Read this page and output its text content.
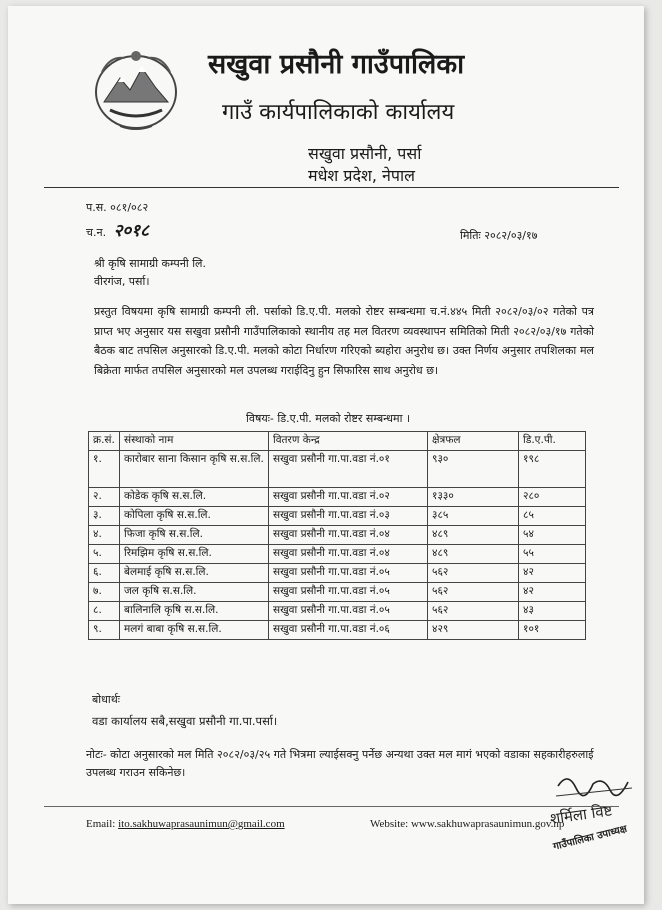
सखुवा प्रसौनी गाउँपालिका
गाउँ कार्यपालिकाको कार्यालय
सखुवा प्रसौनी, पर्सा
मधेश प्रदेश, नेपाल
प.स. ०८१/०८२
च.न. २०१८	मितिः २०८२/०३/१७
श्री कृषि सामाग्री कम्पनी लि.
वीरगंज, पर्सा।
प्रस्तुत विषयमा कृषि सामाग्री कम्पनी ली. पर्साको डि.ए.पी. मलको रोष्टर सम्बन्धमा च.नं.४४५ मिती २०८२/०३/०२ गतेको पत्र प्राप्त भए अनुसार यस सखुवा प्रसौनी गाउँपालिकाको स्थानीय तह मल वितरण व्यवस्थापन समितिको मिती २०८२/०३/१७ गतेको बैठक बाट तपसिल अनुसारको डि.ए.पी. मलको कोटा निर्धारण गरिएको ब्यहोरा अनुरोध छ। उक्त निर्णय अनुसार तपशिलका मल बिक्रेता मार्फत तपसिल अनुसारको मल उपलब्ध गराईदिनु हुन सिफारिस साथ अनुरोध छ।
विषयः- डि.ए.पी. मलको रोष्टर सम्बन्धमा ।
क्र.सं.	संस्थाको नाम	वितरण केन्द्र	क्षेत्रफल	डि.ए.पी.
१.	कारोबार साना किसान कृषि स.स.लि.	सखुवा प्रसौनी गा.पा.वडा नं.०१	९३०	१९८
२.	कोडेक कृषि स.स.लि.	सखुवा प्रसौनी गा.पा.वडा नं.०२	१३३०	२८०
३.	कोपिला कृषि स.स.लि.	सखुवा प्रसौनी गा.पा.वडा नं.०३	३८५	८५
४.	फिजा कृषि स.स.लि.	सखुवा प्रसौनी गा.पा.वडा नं.०४	४८९	५४
५.	रिमझिम कृषि स.स.लि.	सखुवा प्रसौनी गा.पा.वडा नं.०४	४८९	५५
६.	बेलमाई कृषि स.स.लि.	सखुवा प्रसौनी गा.पा.वडा नं.०५	५६२	४२
७.	जल कृषि स.स.लि.	सखुवा प्रसौनी गा.पा.वडा नं.०५	५६२	४२
८.	बालिनालि कृषि स.स.लि.	सखुवा प्रसौनी गा.पा.वडा नं.०५	५६२	४३
९.	मलगं बाबा कृषि स.स.लि.	सखुवा प्रसौनी गा.पा.वडा नं.०६	४२९	१०१
बोधार्थः
वडा कार्यालय सबै,सखुवा प्रसौनी गा.पा.पर्सा।
नोटः- कोटा अनुसारको मल मिति २०८२/०३/२५ गते भित्रमा ल्याईसक्नु पर्नेछ अन्यथा उक्त मल मागं भएको वडाका सहकारीहरुलाई उपलब्ध गराउन सकिनेछ।
शर्मिला विष्ट
गाउँपालिका उपाध्यक्ष
Email: ito.sakhuwaprasaunimun@gmail.com	Website: www.sakhuwaprasaunimun.gov.np
